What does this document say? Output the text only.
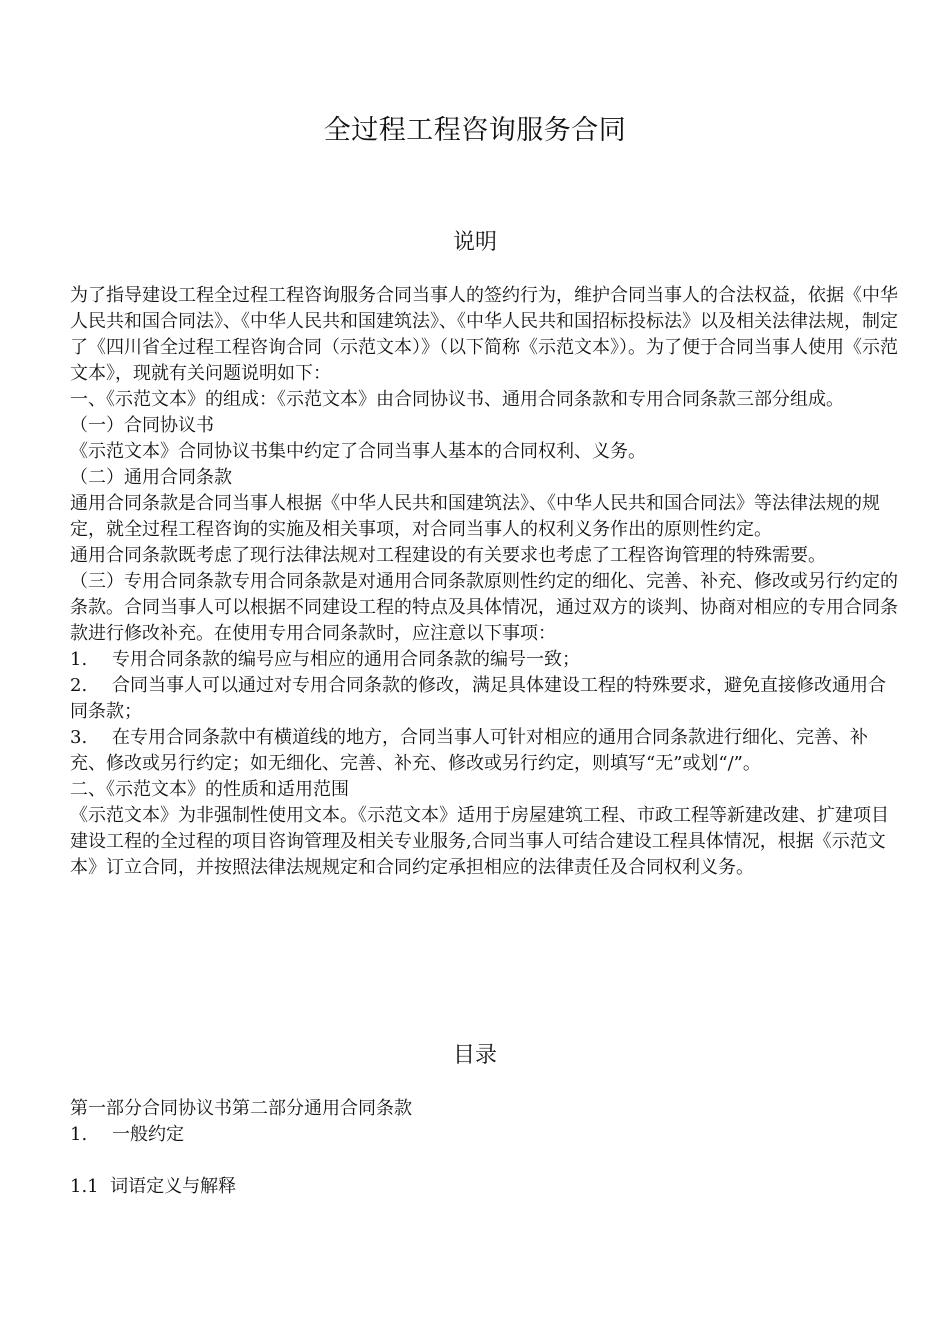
全过程工程咨询服务合同
说明

为了指导建设工程全过程工程咨询服务合同当事人的签约行为，维护合同当事人的合法权益，依据《中华人民共和国合同法》、《中华人民共和国建筑法》、《中华人民共和国招标投标法》以及相关法律法规，制定了《四川省全过程工程咨询合同（示范文本）》（以下简称《示范文本》）。为了便于合同当事人使用《示范文本》，现就有关问题说明如下：

一、《示范文本》的组成：《示范文本》由合同协议书、通用合同条款和专用合同条款三部分组成。

（一）合同协议书

《示范文本》合同协议书集中约定了合同当事人基本的合同权利、义务。

（二）通用合同条款

通用合同条款是合同当事人根据《中华人民共和国建筑法》、《中华人民共和国合同法》等法律法规的规定，就全过程工程咨询的实施及相关事项，对合同当事人的权利义务作出的原则性约定。

通用合同条款既考虑了现行法律法规对工程建设的有关要求也考虑了工程咨询管理的特殊需要。

（三）专用合同条款专用合同条款是对通用合同条款原则性约定的细化、完善、补充、修改或另行约定的条款。合同当事人可以根据不同建设工程的特点及具体情况，通过双方的谈判、协商对相应的专用合同条款进行修改补充。在使用专用合同条款时，应注意以下事项：

1. 专用合同条款的编号应与相应的通用合同条款的编号一致；

2. 合同当事人可以通过对专用合同条款的修改，满足具体建设工程的特殊要求，避免直接修改通用合同条款；

3. 在专用合同条款中有横道线的地方，合同当事人可针对相应的通用合同条款进行细化、完善、补充、修改或另行约定；如无细化、完善、补充、修改或另行约定，则填写“无”或划“/”。

二、《示范文本》的性质和适用范围

《示范文本》为非强制性使用文本。《示范文本》适用于房屋建筑工程、市政工程等新建改建、扩建项目建设工程的全过程的项目咨询管理及相关专业服务,合同当事人可结合建设工程具体情况，根据《示范文本》订立合同，并按照法律法规规定和合同约定承担相应的法律责任及合同权利义务。

目录

第一部分合同协议书第二部分通用合同条款

1. 一般约定

1.1  词语定义与解释
